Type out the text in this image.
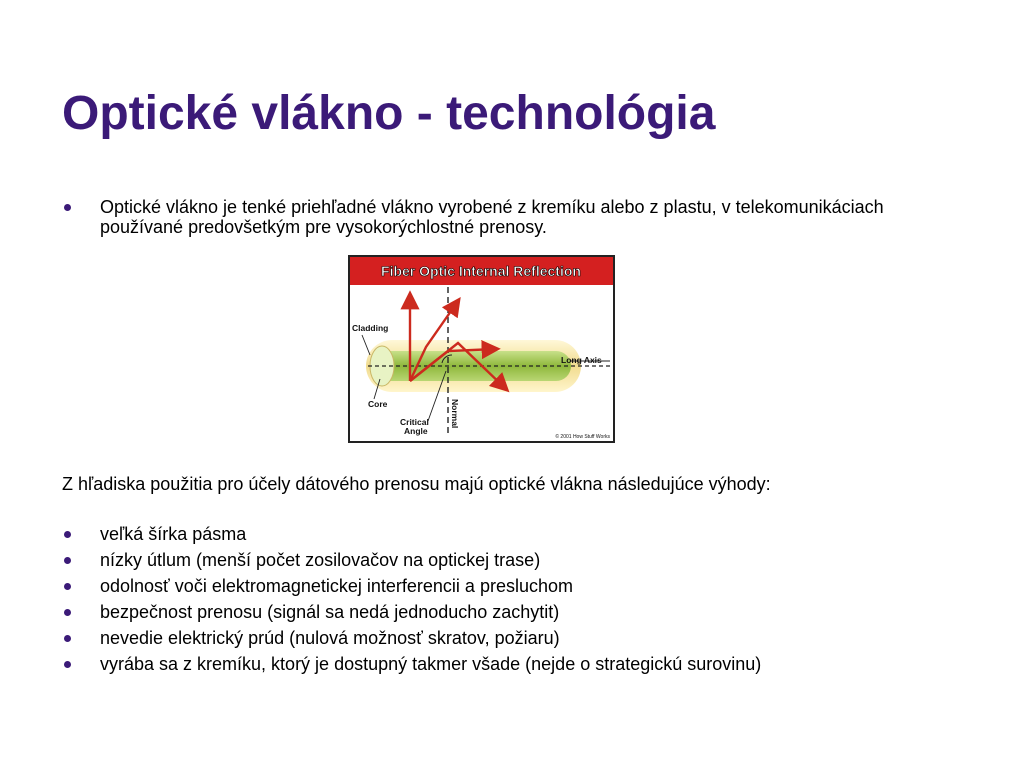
Optické vlákno - technológia
Optické vlákno je tenké priehľadné vlákno vyrobené z kremíku alebo z plastu, v telekomunikáciach používané predovšetkým pre vysokorýchlostné prenosy.
Fiber Optic Internal Reflection
Cladding
Core
Long Axis
Normal
Critical Angle
© 2001 How Stuff Works

Z hľadiska použitia pro účely dátového prenosu majú optické vlákna následujúce výhody:

veľká šírka pásma
nízky útlum (menší počet zosilovačov na optickej trase)
odolnosť voči elektromagnetickej interferencii a presluchom
bezpečnost prenosu (signál sa nedá jednoducho zachytit)
nevedie elektrický prúd (nulová možnosť skratov, požiaru)
vyrába sa z kremíku, ktorý je dostupný takmer všade (nejde o strategickú surovinu)
